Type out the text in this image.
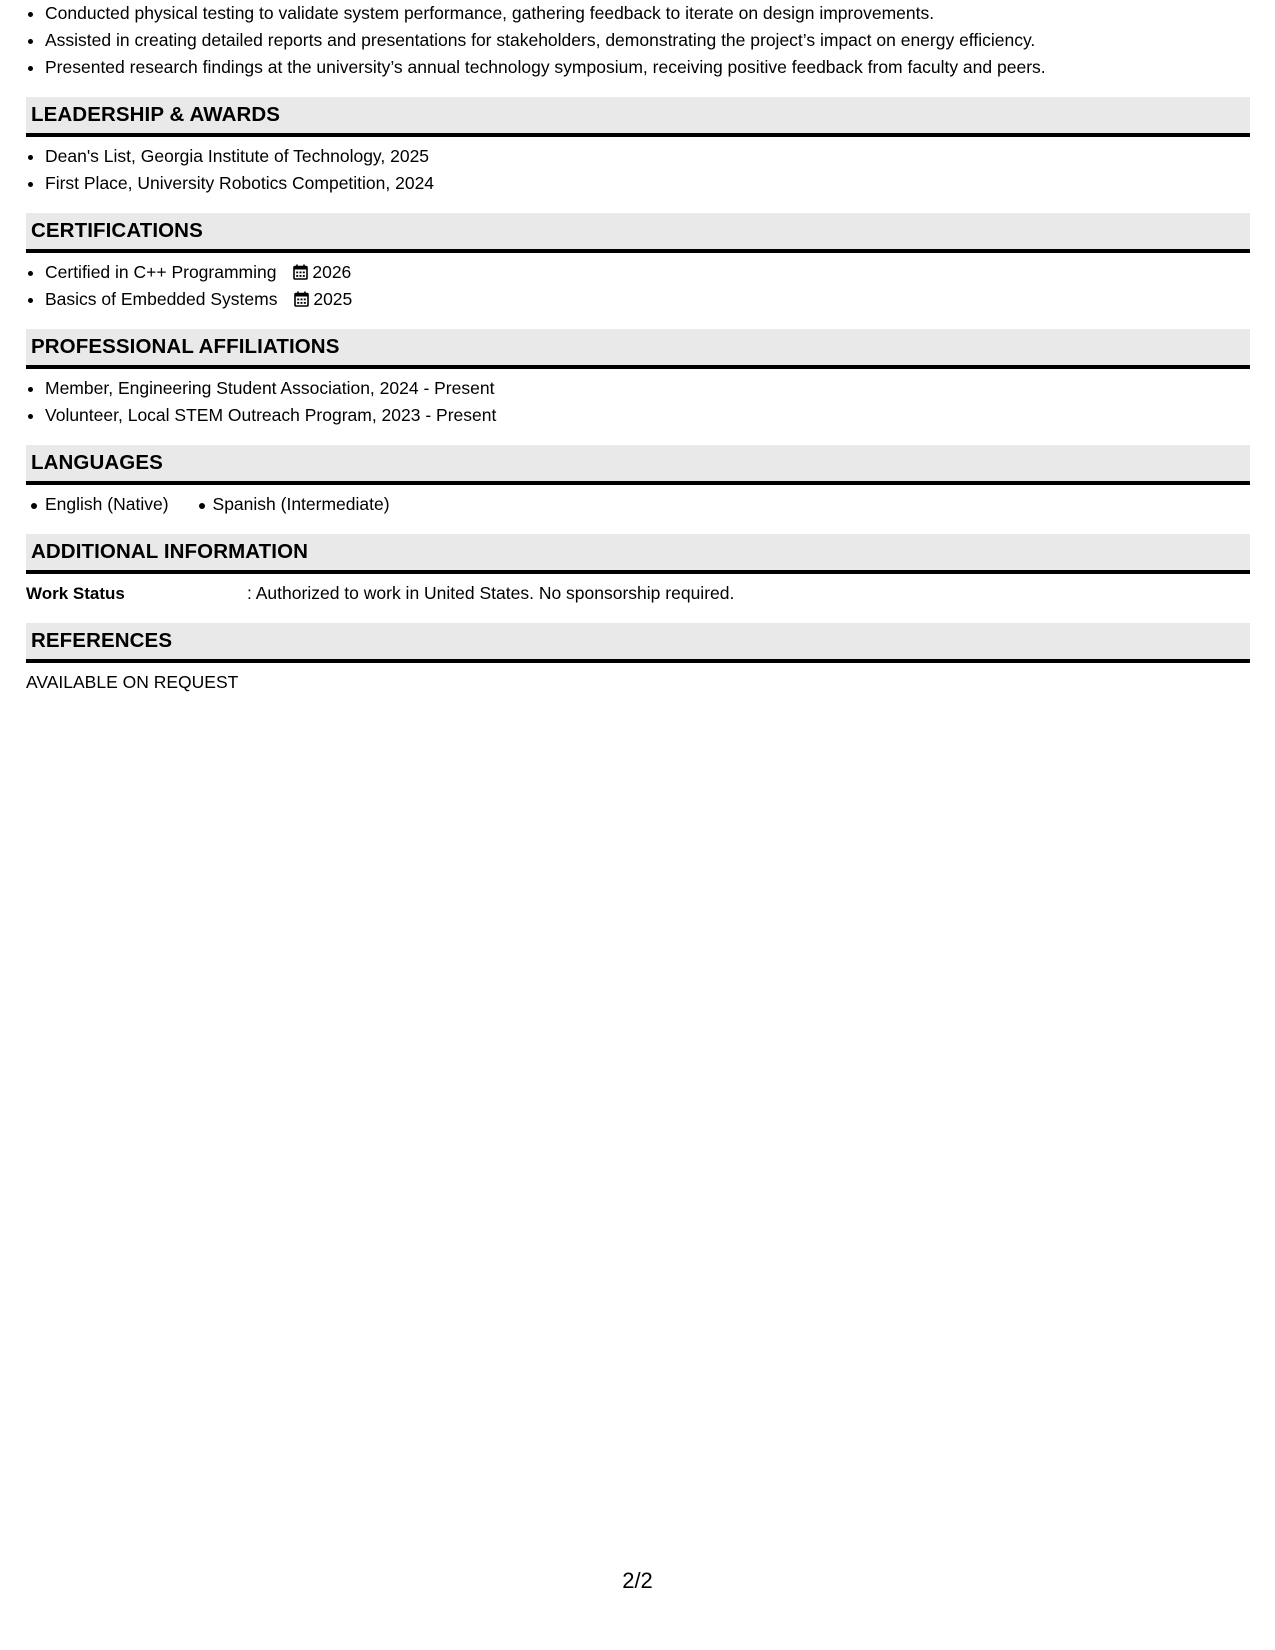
• Conducted physical testing to validate system performance, gathering feedback to iterate on design improvements.
• Assisted in creating detailed reports and presentations for stakeholders, demonstrating the project’s impact on energy efficiency.
• Presented research findings at the university’s annual technology symposium, receiving positive feedback from faculty and peers.
LEADERSHIP & AWARDS
• Dean's List, Georgia Institute of Technology, 2025
• First Place, University Robotics Competition, 2024
CERTIFICATIONS
• Certified in C++ Programming 2026
• Basics of Embedded Systems 2025
PROFESSIONAL AFFILIATIONS
• Member, Engineering Student Association, 2024 - Present
• Volunteer, Local STEM Outreach Program, 2023 - Present
LANGUAGES
English (Native)	Spanish (Intermediate)
ADDITIONAL INFORMATION
Work Status	: Authorized to work in United States. No sponsorship required.
REFERENCES
AVAILABLE ON REQUEST
2/2
